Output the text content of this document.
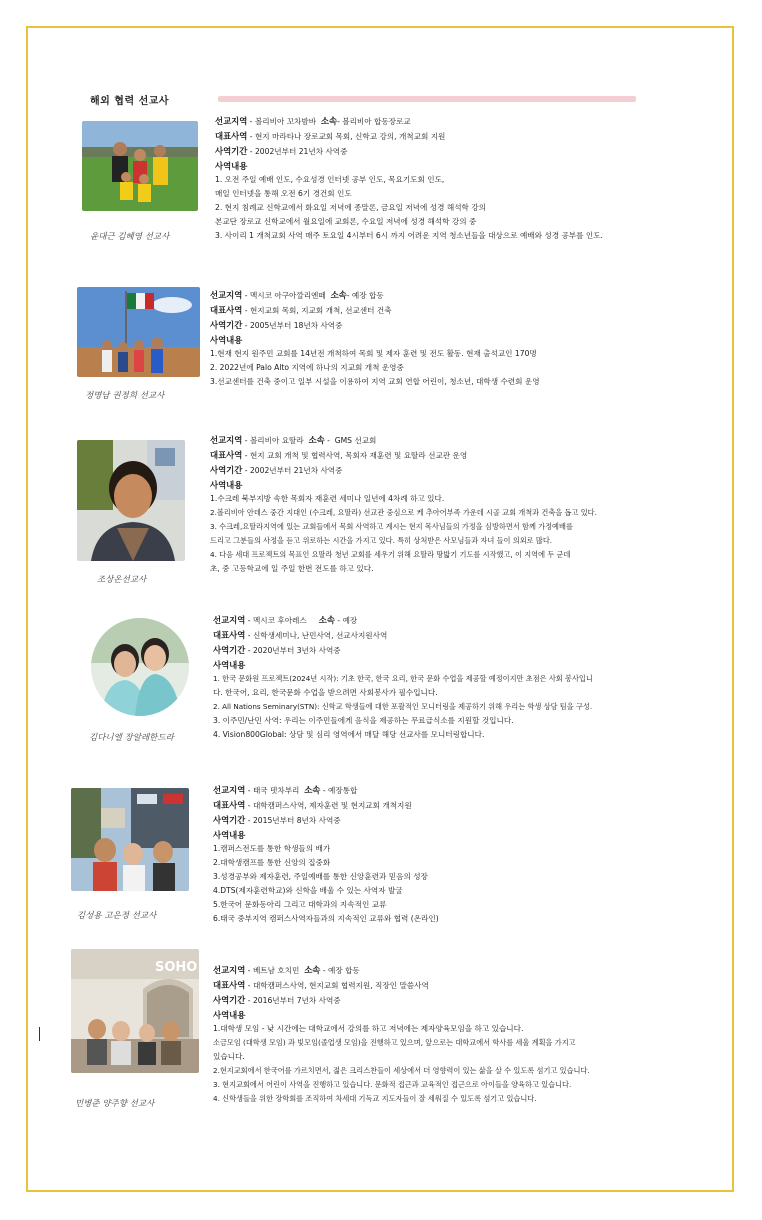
해외 협력 선교사
윤대근 김혜영 선교사
선교지역 - 볼리비아 꼬차밤바 소속- 볼리비아 합동장로교
대표사역 - 현지 마라타나 장로교회 목회, 신학교 강의, 개척교회 지원
사역기간 - 2002년부터 21년차 사역중
사역내용
1. 오전 주일 예배 인도, 수요성경 인터넷 공부 인도, 목요기도회 인도,
매일 인터넷을 통해 오전 6기 경건회 인도
2. 현지 침례교 신학교에서 화요일 저녁에 종말론, 금요일 저녁에 성경 해석학 강의
본교단 장로교 신학교에서 월요일에 교회론, 수요일 저녁에 성경 해석학 강의 중
3. 사이리 1 개척교회 사역 매주 토요일 4시부터 6시 까지 어려운 지역 청소년들을 대상으로 예배와 성경 공부를 인도.
정명남 권정희 선교사
선교지역 - 멕시코 아구아깔리엔떼 소속- 예장 합동
대표사역 - 현지교회 목회, 지교회 개척, 선교센터 건축
사역기간 - 2005년부터 18년차 사역중
사역내용
1.현재 현지 원주민 교회를 14년전 개척하여 목회 및 제자 훈련 및 전도 활동. 현재 출석교인 170명
2. 2022년에 Palo Alto 지역에 하나의 지교회 개척 운영중
3.선교센터를 건축 중이고 일부 시설을 이용하여 지역 교회 연합 어린이, 청소년, 대학생 수련회 운영
조상온선교사
선교지역 - 볼리비아 요딸라 소속 -  GMS 선교회
대표사역 - 현지 교회 개척 및 협력사역, 목회자 재훈련 및 요딸라 선교관 운영
사역기간 - 2002년부터 21년차 사역중
사역내용
1.수크레 북부지방 속한 목회자 재훈련 세미나 일년에 4차례 하고 있다.
2.볼리비아 안데스 중간 지대인 (수크레, 요딸라) 선교관 중심으로 케 추아어부족 가운데 시골 교회 개척과 건축을 돕고 있다.
3. 수크레,요딸라지역에 있는 교회들에서 목회 사역하고 계시는 현지 목사님들의 가정을 심방하면서 함께 가정예배를
드리고 그분들의 사정을 듣고 위로하는 시간을 가지고 있다. 특히 상처받은 사모님들과 자녀 들이 의외로 많다.
4. 다음 세대 프로젝트의 목표인 요딸라 청년 교회를 세우기 위해 요딸라 땅밟기 기도를 시작했고, 이 지역에 두 군데
초, 중 고등학교에 일 주일 한번 전도를 하고 있다.
김다니엘 장알레한드라
선교지역 - 멕시코 후아레스 소속 - 예장
대표사역 - 신학생세미나, 난민사역, 선교사지원사역
사역기간 - 2020년부터 3년차 사역중
사역내용
1. 한국 문화원 프로젝트(2024년 시작): 기초 한국, 한국 요리, 한국 문화 수업을 제공할 예정이지만 초점은 사회 봉사입니
다. 한국어, 요리, 한국문화 수업을 받으려면 사회봉사가 필수입니다.
2. All Nations Seminary(STN): 신학교 학생들에 대한 포괄적인 모니터링을 제공하기 위해 우리는 학생 상담 팀을 구성.
3. 이주민/난민 사역: 우리는 이주민들에게 음식을 제공하는 무료급식소를 지원할 것입니다.
4. Vision800Global: 상담 및 심리 영역에서 매달 해당 선교사를 모니터링합니다.
김성용 고은정 선교사
선교지역 - 태국 뎃차부리 소속 - 예장통합
대표사역 - 대학캠퍼스사역, 제자훈련 및 현지교회 개척지원
사역기간 - 2015년부터 8년차 사역중
사역내용
1.캠퍼스전도를 통한 학생들의 배가
2.대학생캠프를 통한 신앙의 집중화
3.성경공부와 제자훈련, 주일예배를 통한 신앙훈련과 믿음의 성장
4.DTS(제자훈련학교)와 신학을 배울 수 있는 사역자 발굴
5.한국어 문화동아리 그리고 대학과의 지속적인 교류
6.태국 중부지역 캠퍼스사역자들과의 지속적인 교류와 협력 (온라인)
SOHO
민병준 양주향 선교사
선교지역 - 베트남 호치민 소속 - 예장 합동
대표사역 - 대학캠퍼스사역, 현지교회 협력지원, 직장인 말씀사역
사역기간 - 2016년부터 7년차 사역중
사역내용
1.대학생 모임 - 낮 시간에는 대학교에서 강의를 하고 저녁에는 제자양육모임을 하고 있습니다.
소금모임 (대학생 모임) 과 빛모임(졸업생 모임)을 진행하고 있으며, 앞으로는 대학교에서 학사를 세울 계획을 가지고
있습니다.
2.현지교회에서 한국어를 가르치면서, 젊은 크리스찬들이 세상에서 더 영향력이 있는 삶을 살 수 있도록 섬기고 있습니다.
3. 현지교회에서 어린이 사역을 진행하고 있습니다. 문화적 접근과 교육적인 접근으로 아이들을 양육하고 있습니다.
4. 신학생들을 위한 장학회를 조직하여 차세대 기독교 지도자들이 잘 세워질 수 있도록 섬기고 있습니다.
